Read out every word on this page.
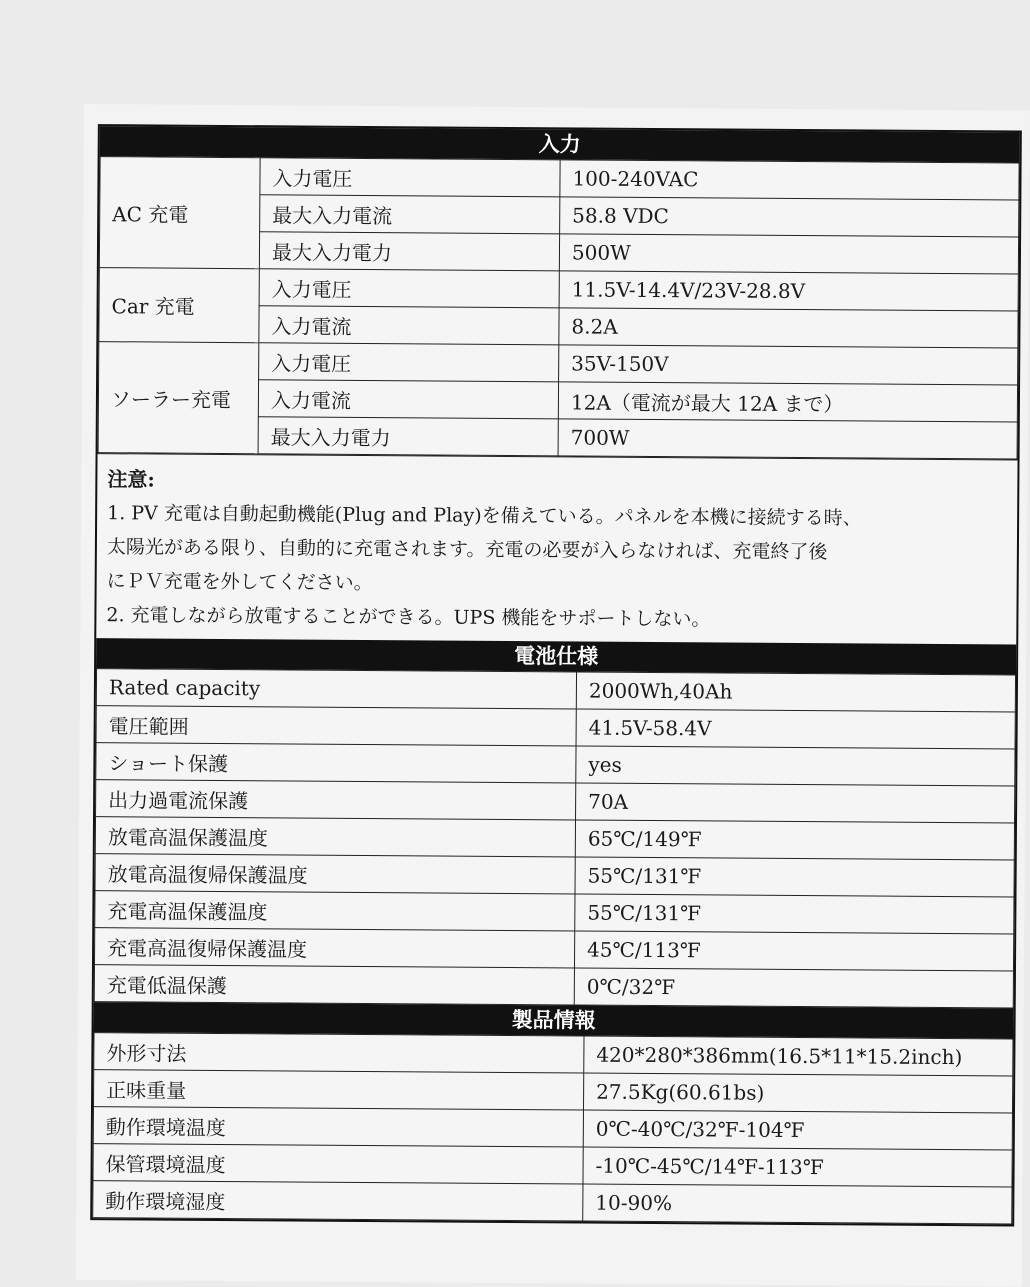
入力
AC 充電	入力電圧	100-240VAC
	最大入力電流	58.8 VDC
	最大入力電力	500W
Car 充電	入力電圧	11.5V-14.4V/23V-28.8V
	入力電流	8.2A
ソーラー充電	入力電圧	35V-150V
	入力電流	12A（電流が最大 12A まで）
	最大入力電力	700W
注意:
1. PV 充電は自動起動機能(Plug and Play)を備えている。パネルを本機に接続する時、
太陽光がある限り、自動的に充電されます。充電の必要が入らなければ、充電終了後
にＰＶ充電を外してください。
2. 充電しながら放電することができる。UPS 機能をサポートしない。
電池仕様
Rated capacity	2000Wh,40Ah
電圧範囲	41.5V-58.4V
ショート保護	yes
出力過電流保護	70A
放電高温保護温度	65℃/149℉
放電高温復帰保護温度	55℃/131℉
充電高温保護温度	55℃/131℉
充電高温復帰保護温度	45℃/113℉
充電低温保護	0℃/32℉
製品情報
外形寸法	420*280*386mm(16.5*11*15.2inch)
正味重量	27.5Kg(60.61bs)
動作環境温度	0℃-40℃/32℉-104℉
保管環境温度	-10℃-45℃/14℉-113℉
動作環境湿度	10-90%
